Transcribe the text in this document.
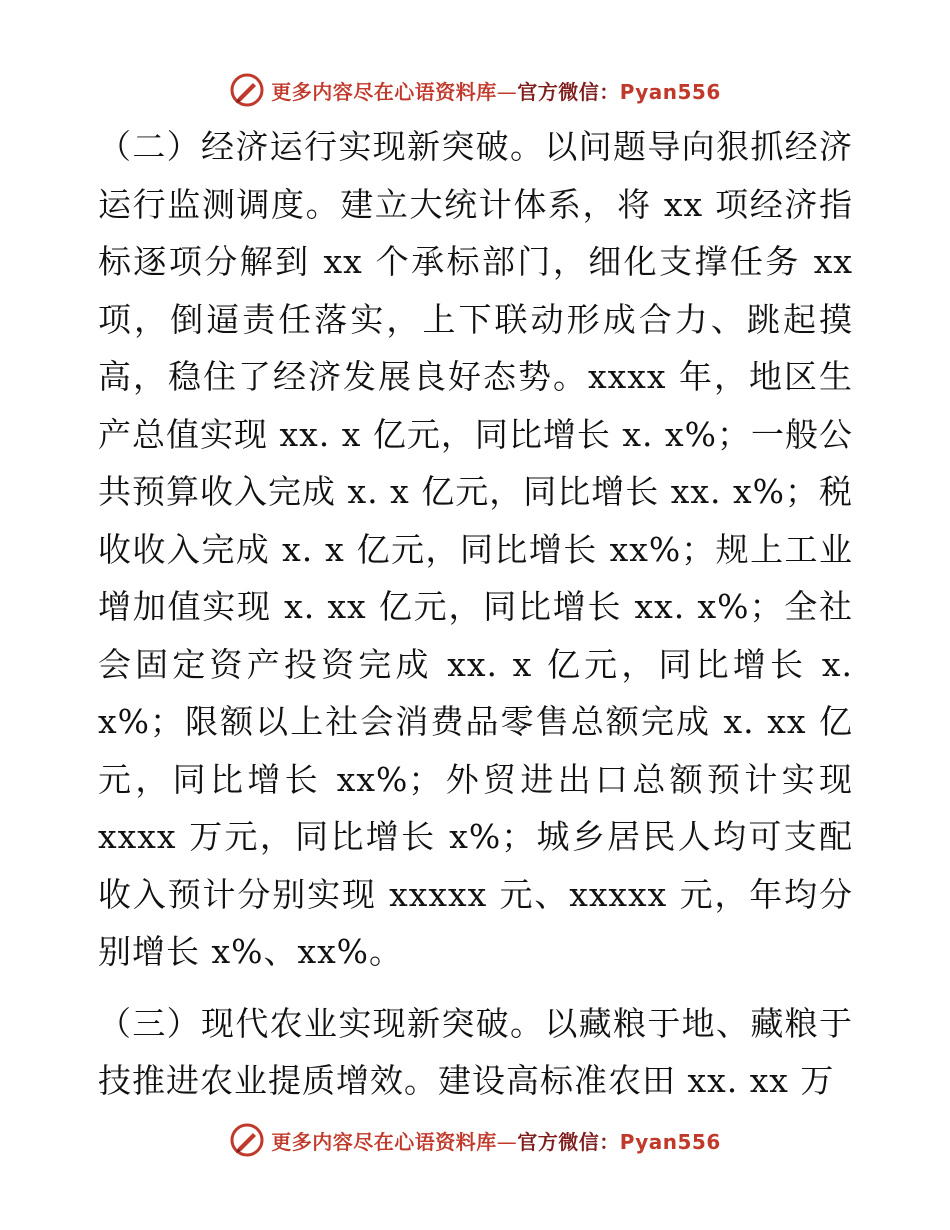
更多内容尽在心语资料库—官方微信：Pyan556

（二）经济运行实现新突破。以问题导向狠抓经济运行监测调度。建立大统计体系，将 xx 项经济指标逐项分解到 xx 个承标部门，细化支撑任务 xx 项，倒逼责任落实，上下联动形成合力、跳起摸高，稳住了经济发展良好态势。xxxx 年，地区生产总值实现 xx. x 亿元，同比增长 x. x%；一般公共预算收入完成 x. x 亿元，同比增长 xx. x%；税收收入完成 x. x 亿元，同比增长 xx%；规上工业增加值实现 x. xx 亿元，同比增长 xx. x%；全社会固定资产投资完成 xx. x 亿元，同比增长 x. x%；限额以上社会消费品零售总额完成 x. xx 亿元，同比增长 xx%；外贸进出口总额预计实现 xxxx 万元，同比增长 x%；城乡居民人均可支配收入预计分别实现 xxxxx 元、xxxxx 元，年均分别增长 x%、xx%。

（三）现代农业实现新突破。以藏粮于地、藏粮于技推进农业提质增效。建设高标准农田 xx. xx 万

更多内容尽在心语资料库—官方微信：Pyan556
